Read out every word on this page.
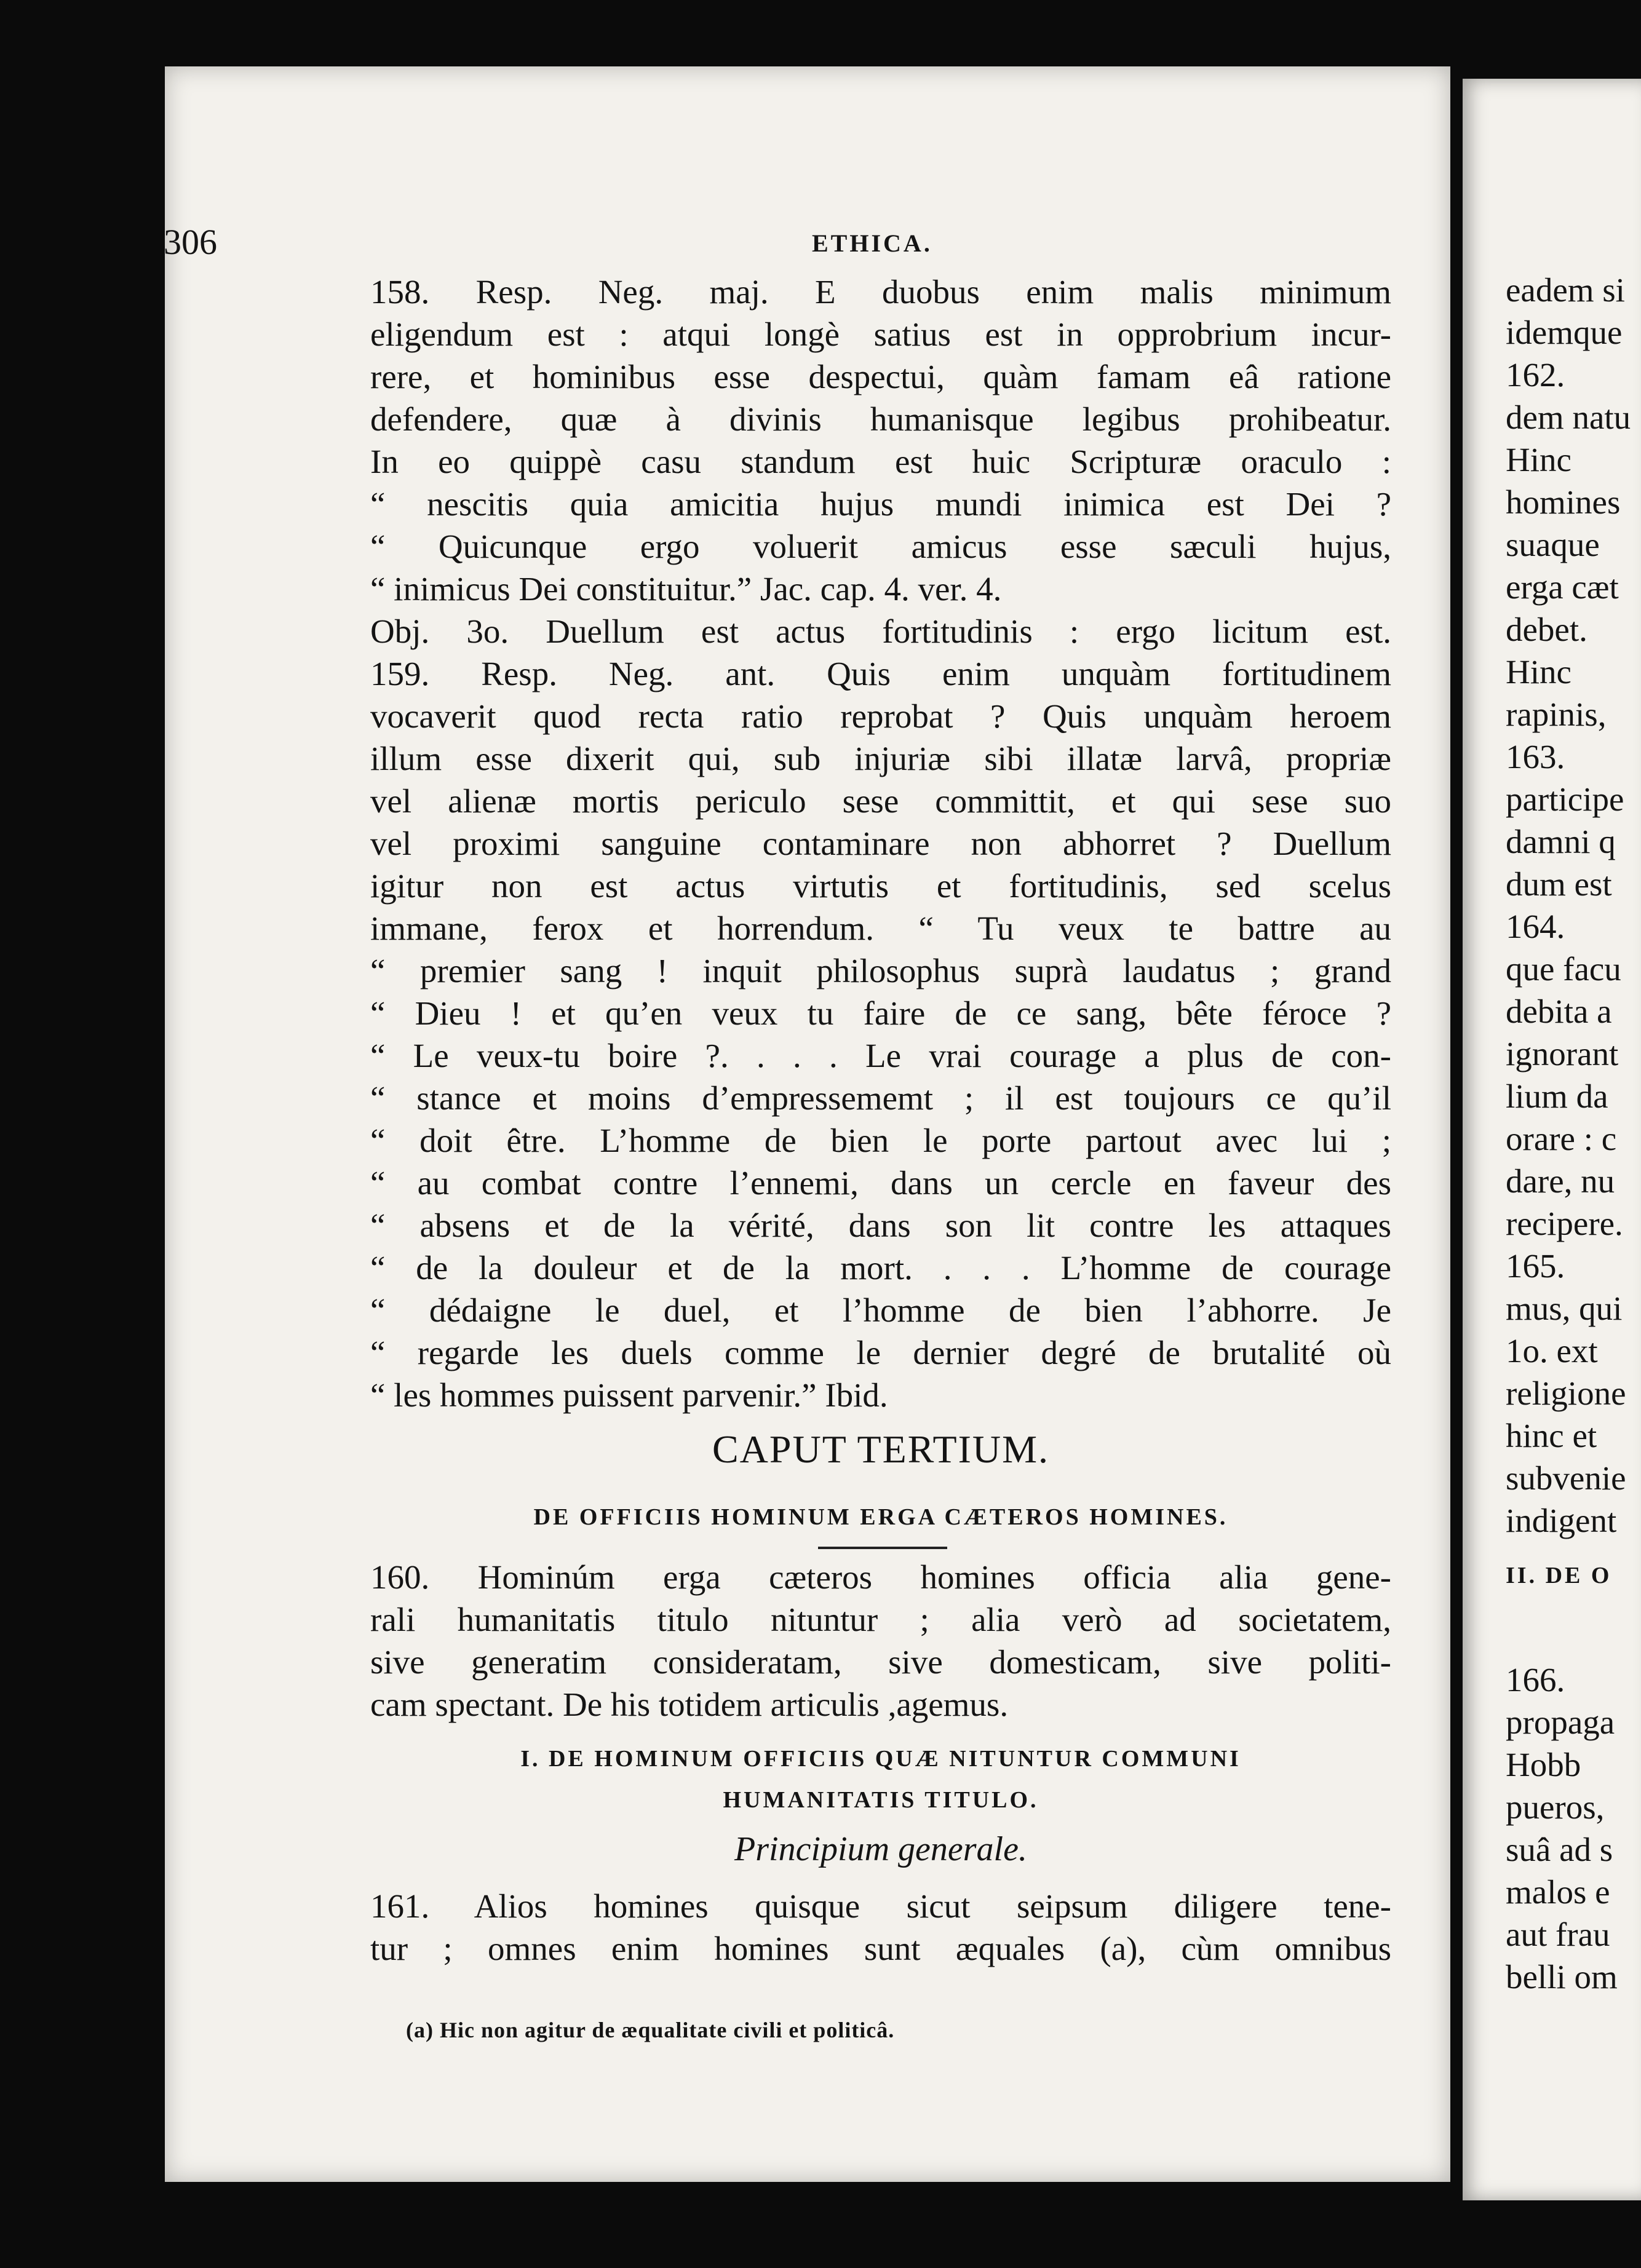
306	ETHICA.
158. Resp. Neg. maj. E duobus enim malis minimum
eligendum est : atqui longè satius est in opprobrium incur-
rere, et hominibus esse despectui, quàm famam eâ ratione
defendere, quæ à divinis humanisque legibus prohibeatur.
In eo quippè casu standum est huic Scripturæ oraculo :
“ nescitis quia amicitia hujus mundi inimica est Dei ?
“ Quicunque ergo voluerit amicus esse sæculi hujus,
“ inimicus Dei constituitur.” Jac. cap. 4. ver. 4.
Obj. 3o. Duellum est actus fortitudinis : ergo licitum est.
159. Resp. Neg. ant. Quis enim unquàm fortitudinem
vocaverit quod recta ratio reprobat ? Quis unquàm heroem
illum esse dixerit qui, sub injuriæ sibi illatæ larvâ, propriæ
vel alienæ mortis periculo sese committit, et qui sese suo
vel proximi sanguine contaminare non abhorret ? Duellum
igitur non est actus virtutis et fortitudinis, sed scelus
immane, ferox et horrendum. “ Tu veux te battre au
“ premier sang ! inquit philosophus suprà laudatus ; grand
“ Dieu ! et qu’en veux tu faire de ce sang, bête féroce ?
“ Le veux-tu boire ?. . . . Le vrai courage a plus de con-
“ stance et moins d’empressememt ; il est toujours ce qu’il
“ doit être. L’homme de bien le porte partout avec lui ;
“ au combat contre l’ennemi, dans un cercle en faveur des
“ absens et de la vérité, dans son lit contre les attaques
“ de la douleur et de la mort. . . . L’homme de courage
“ dédaigne le duel, et l’homme de bien l’abhorre. Je
“ regarde les duels comme le dernier degré de brutalité où
“ les hommes puissent parvenir.” Ibid.
CAPUT TERTIUM.
DE OFFICIIS HOMINUM ERGA CÆTEROS HOMINES.
160. Hominúm erga cæteros homines officia alia gene-
rali humanitatis titulo nituntur ; alia verò ad societatem,
sive generatim consideratam, sive domesticam, sive politi-
cam spectant. De his totidem articulis ,agemus.
I. DE HOMINUM OFFICIIS QUÆ NITUNTUR COMMUNI
HUMANITATIS TITULO.
Principium generale.
161. Alios homines quisque sicut seipsum diligere tene-
tur ; omnes enim homines sunt æquales (a), cùm omnibus
(a) Hic non agitur de æqualitate civili et politicâ.
eadem si
idemque
162.
dem natu
Hinc
homines
suaque
erga cæt
debet.
Hinc
rapinis,
163.
participe
damni q
dum est
164.
que facu
debita a
ignorant
lium da
orare : c
dare, nu
recipere.
165.
mus, qui
1o. ext
religione
hinc et
subvenie
indigent
II. DE O
166.
propaga
Hobb
pueros,
suâ ad s
malos e
aut frau
belli om
